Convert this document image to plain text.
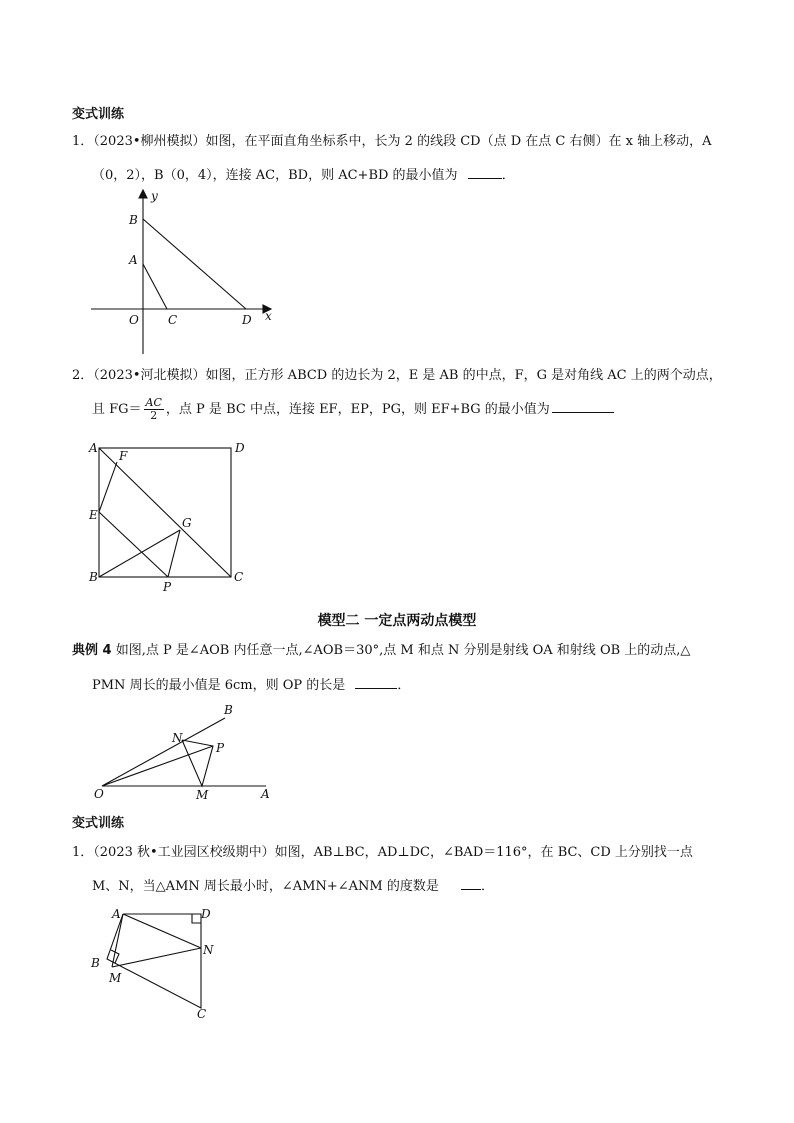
变式训练
1．（2023•柳州模拟）如图，在平面直角坐标系中，长为 2 的线段 CD（点 D 在点 C 右侧）在 x 轴上移动，A
（0，2），B（0，4），连接 AC，BD，则 AC+BD 的最小值为	．
y
x
B
A
O C	D
2．（2023•河北模拟）如图，正方形 ABCD 的边长为 2，E 是 AB 的中点，F，G 是对角线 AC 上的两个动点，
且 $FG= \frac{AC}{2}$ ，点 P 是 BC 中点，连接 EF，EP，PG，则 EF+BG 的最小值为
A	D
F
E
G
B
P
C
模型二 一定点两动点模型
典例 4 如图,点 P 是∠AOB 内任意一点,∠AOB＝30°,点 M 和点 N 分别是射线 OA 和射线 OB 上的动点,△
PMN 周长的最小值是 6cm，则 OP 的长是	．
B
N
P
O	M	A
变式训练
1．（2023 秋•工业园区校级期中）如图，AB⊥BC，AD⊥DC，∠BAD＝116°，在 BC、CD 上分别找一点
M、N，当△AMN 周长最小时，∠AMN+∠ANM 的度数是	．
A	D
N
B
M
C
